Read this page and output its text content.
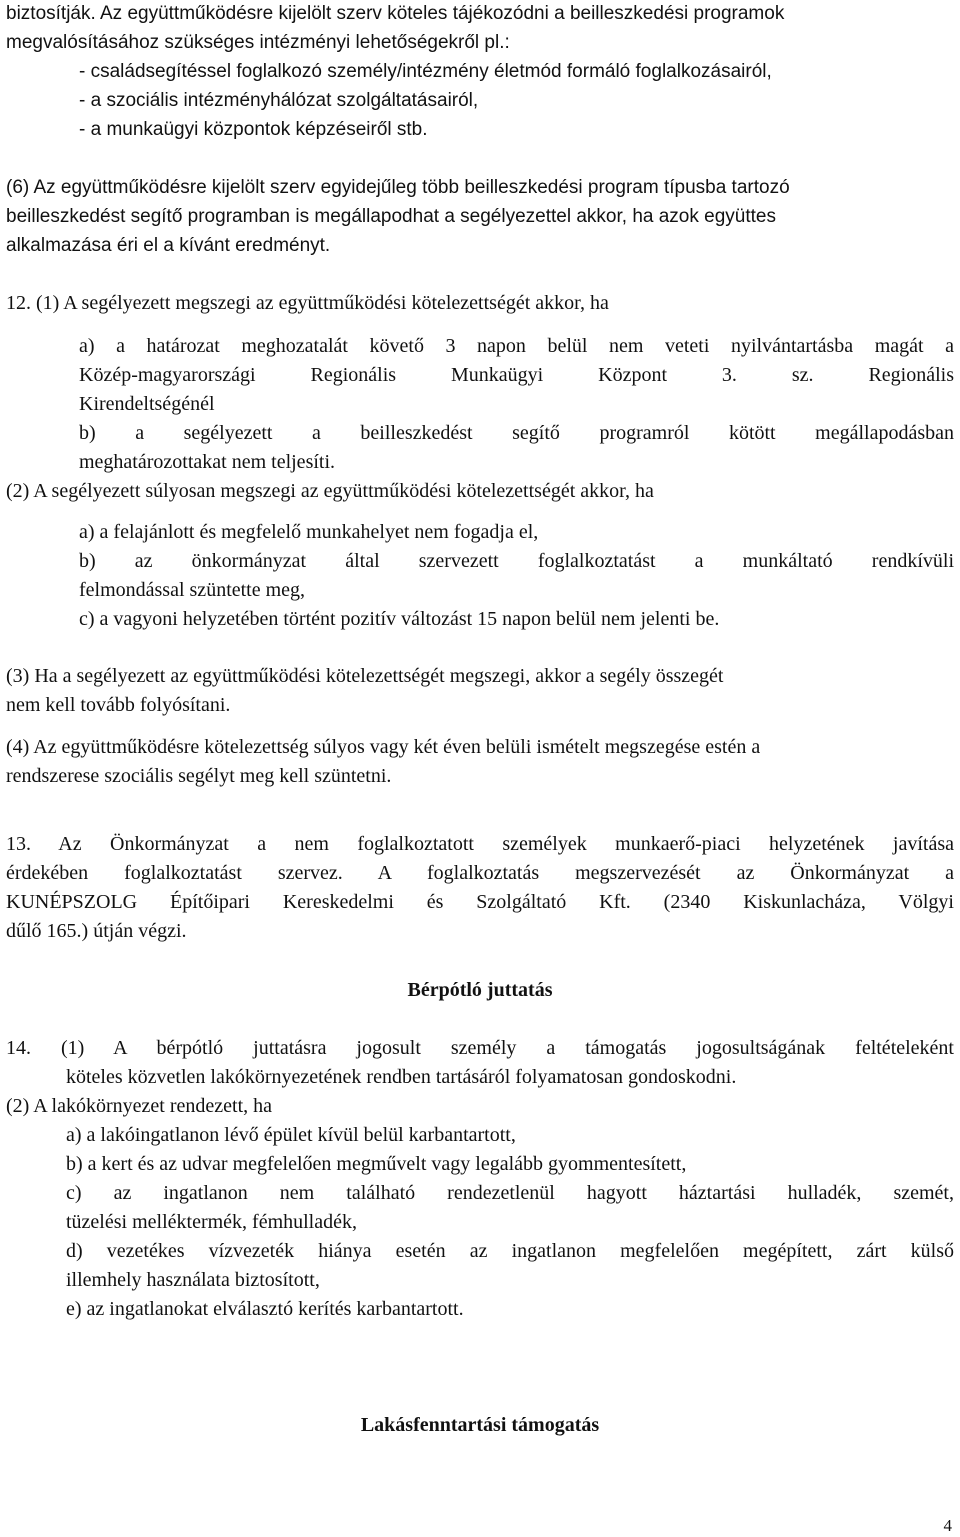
biztosítják. Az együttműködésre kijelölt szerv köteles tájékozódni a beilleszkedési programok
megvalósításához szükséges intézményi lehetőségekről pl.:
- családsegítéssel foglalkozó személy/intézmény életmód formáló foglalkozásairól,
- a szociális intézményhálózat szolgáltatásairól,
- a munkaügyi központok képzéseiről stb.
(6) Az együttműködésre kijelölt szerv egyidejűleg több beilleszkedési program típusba tartozó
beilleszkedést segítő programban is megállapodhat a segélyezettel akkor, ha azok együttes
alkalmazása éri el a kívánt eredményt.
12. (1) A segélyezett megszegi az együttműködési kötelezettségét akkor, ha
a) a határozat meghozatalát követő 3 napon belül nem veteti nyilvántartásba magát a
Közép-magyarországi Regionális Munkaügyi Központ 3. sz. Regionális
Kirendeltségénél
b) a segélyezett a beilleszkedést segítő programról kötött megállapodásban
meghatározottakat nem teljesíti.
(2) A segélyezett súlyosan megszegi az együttműködési kötelezettségét akkor, ha
a) a felajánlott és megfelelő munkahelyet nem fogadja el,
b) az önkormányzat által szervezett foglalkoztatást a munkáltató rendkívüli
felmondással szüntette meg,
c) a vagyoni helyzetében történt pozitív változást 15 napon belül nem jelenti be.
(3) Ha a segélyezett az együttműködési kötelezettségét megszegi, akkor a segély összegét
nem kell tovább folyósítani.
(4) Az együttműködésre kötelezettség súlyos vagy két éven belüli ismételt megszegése estén a
rendszerese szociális segélyt meg kell szüntetni.
13. Az Önkormányzat a nem foglalkoztatott személyek munkaerő-piaci helyzetének javítása
érdekében foglalkoztatást szervez. A foglalkoztatás megszervezését az Önkormányzat a
KUNÉPSZOLG Építőipari Kereskedelmi és Szolgáltató Kft. (2340 Kiskunlacháza, Völgyi
dűlő 165.) útján végzi.
Bérpótló juttatás
14. (1) A bérpótló juttatásra jogosult személy a támogatás jogosultságának feltételeként
köteles közvetlen lakókörnyezetének rendben tartásáról folyamatosan gondoskodni.
(2) A lakókörnyezet rendezett, ha
a) a lakóingatlanon lévő épület kívül belül karbantartott,
b) a kert és az udvar megfelelően megművelt vagy legalább gyommentesített,
c) az ingatlanon nem található rendezetlenül hagyott háztartási hulladék, szemét,
tüzelési melléktermék, fémhulladék,
d) vezetékes vízvezeték hiánya esetén az ingatlanon megfelelően megépített, zárt külső
illemhely használata biztosított,
e) az ingatlanokat elválasztó kerítés karbantartott.
Lakásfenntartási támogatás
4
